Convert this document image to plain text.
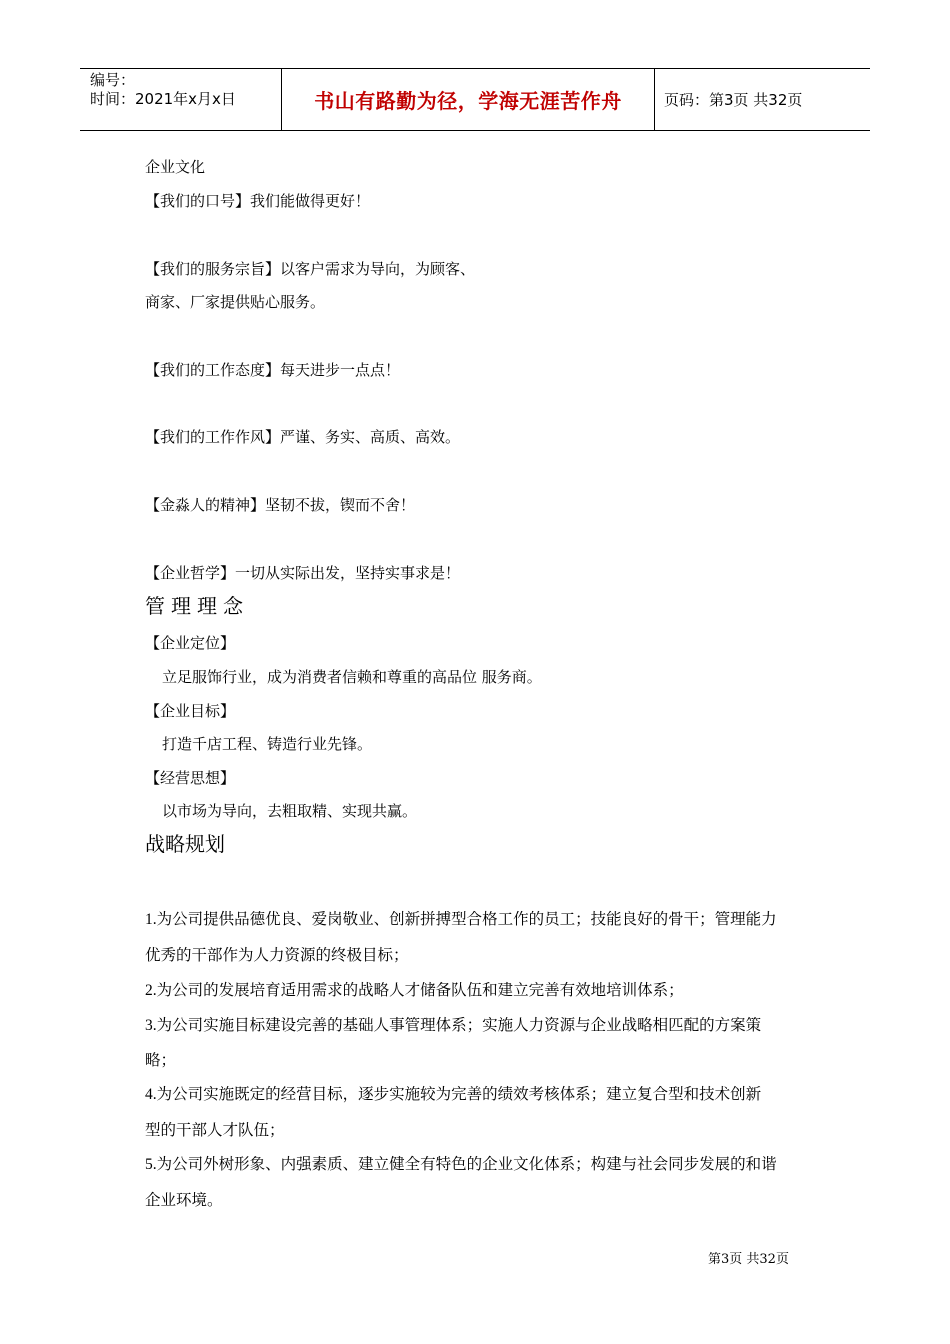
编号：
时间：2021年x月x日	书山有路勤为径，学海无涯苦作舟	页码：第3页 共32页
企业文化
【我们的口号】我们能做得更好！
【我们的服务宗旨】以客户需求为导向，为顾客、
商家、厂家提供贴心服务。
【我们的工作态度】每天进步一点点！
【我们的工作作风】严谨、务实、高质、高效。
【金淼人的精神】坚韧不拔，锲而不舍！
【企业哲学】一切从实际出发，坚持实事求是！
管理理念
【企业定位】
立足服饰行业，成为消费者信赖和尊重的高品位 服务商。
【企业目标】
打造千店工程、铸造行业先锋。
【经营思想】
以市场为导向，去粗取精、实现共赢。
战略规划
1.为公司提供品德优良、爱岗敬业、创新拼搏型合格工作的员工；技能良好的骨干；管理能力
优秀的干部作为人力资源的终极目标；
2.为公司的发展培育适用需求的战略人才储备队伍和建立完善有效地培训体系；
3.为公司实施目标建设完善的基础人事管理体系；实施人力资源与企业战略相匹配的方案策
略；
4.为公司实施既定的经营目标，逐步实施较为完善的绩效考核体系；建立复合型和技术创新
型的干部人才队伍；
5.为公司外树形象、内强素质、建立健全有特色的企业文化体系；构建与社会同步发展的和谐
企业环境。
第3页 共32页
